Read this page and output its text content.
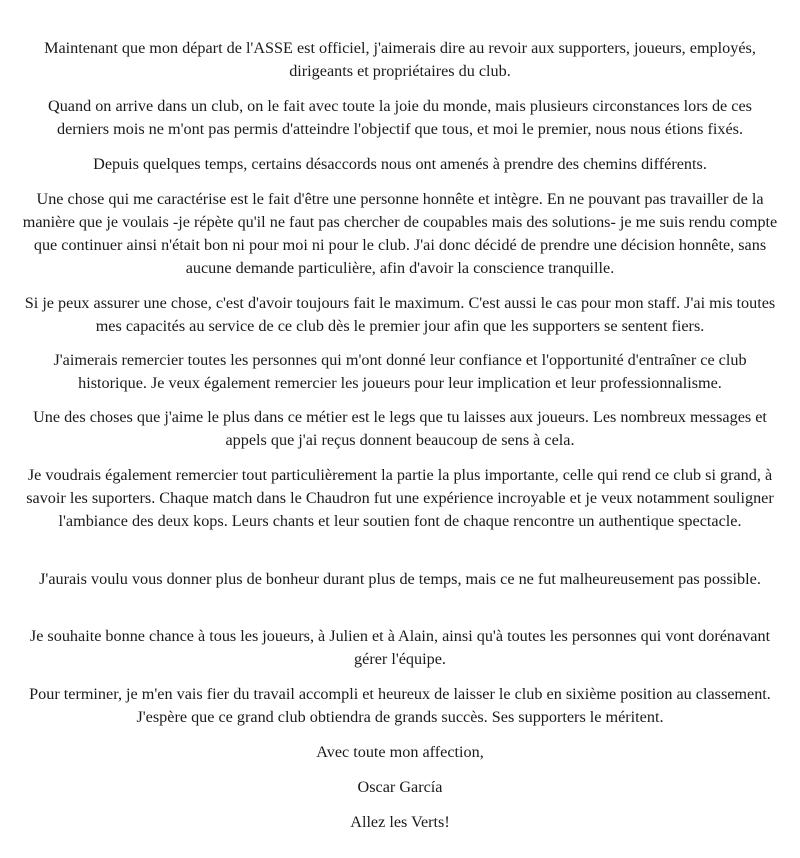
Maintenant que mon départ de l'ASSE est officiel, j'aimerais dire au revoir aux supporters, joueurs, employés, dirigeants et propriétaires du club.

Quand on arrive dans un club, on le fait avec toute la joie du monde, mais plusieurs circonstances lors de ces derniers mois ne m'ont pas permis d'atteindre l'objectif que tous, et moi le premier, nous nous étions fixés.

Depuis quelques temps, certains désaccords nous ont amenés à prendre des chemins différents.

Une chose qui me caractérise est le fait d'être une personne honnête et intègre. En ne pouvant pas travailler de la manière que je voulais -je répète qu'il ne faut pas chercher de coupables mais des solutions- je me suis rendu compte que continuer ainsi n'était bon ni pour moi ni pour le club. J'ai donc décidé de prendre une décision honnête, sans aucune demande particulière, afin d'avoir la conscience tranquille.

Si je peux assurer une chose, c'est d'avoir toujours fait le maximum. C'est aussi le cas pour mon staff. J'ai mis toutes mes capacités au service de ce club dès le premier jour afin que les supporters se sentent fiers.

J'aimerais remercier toutes les personnes qui m'ont donné leur confiance et l'opportunité d'entraîner ce club historique. Je veux également remercier les joueurs pour leur implication et leur professionnalisme.

Une des choses que j'aime le plus dans ce métier est le legs que tu laisses aux joueurs. Les nombreux messages et appels que j'ai reçus donnent beaucoup de sens à cela.

Je voudrais également remercier tout particulièrement la partie la plus importante, celle qui rend ce club si grand, à savoir les suporters. Chaque match dans le Chaudron fut une expérience incroyable et je veux notamment souligner l'ambiance des deux kops. Leurs chants et leur soutien font de chaque rencontre un authentique spectacle.

J'aurais voulu vous donner plus de bonheur durant plus de temps, mais ce ne fut malheureusement pas possible.

Je souhaite bonne chance à tous les joueurs, à Julien et à Alain, ainsi qu'à toutes les personnes qui vont dorénavant gérer l'équipe.

Pour terminer, je m'en vais fier du travail accompli et heureux de laisser le club en sixième position au classement. J'espère que ce grand club obtiendra de grands succès. Ses supporters le méritent.

Avec toute mon affection,

Oscar García

Allez les Verts!
